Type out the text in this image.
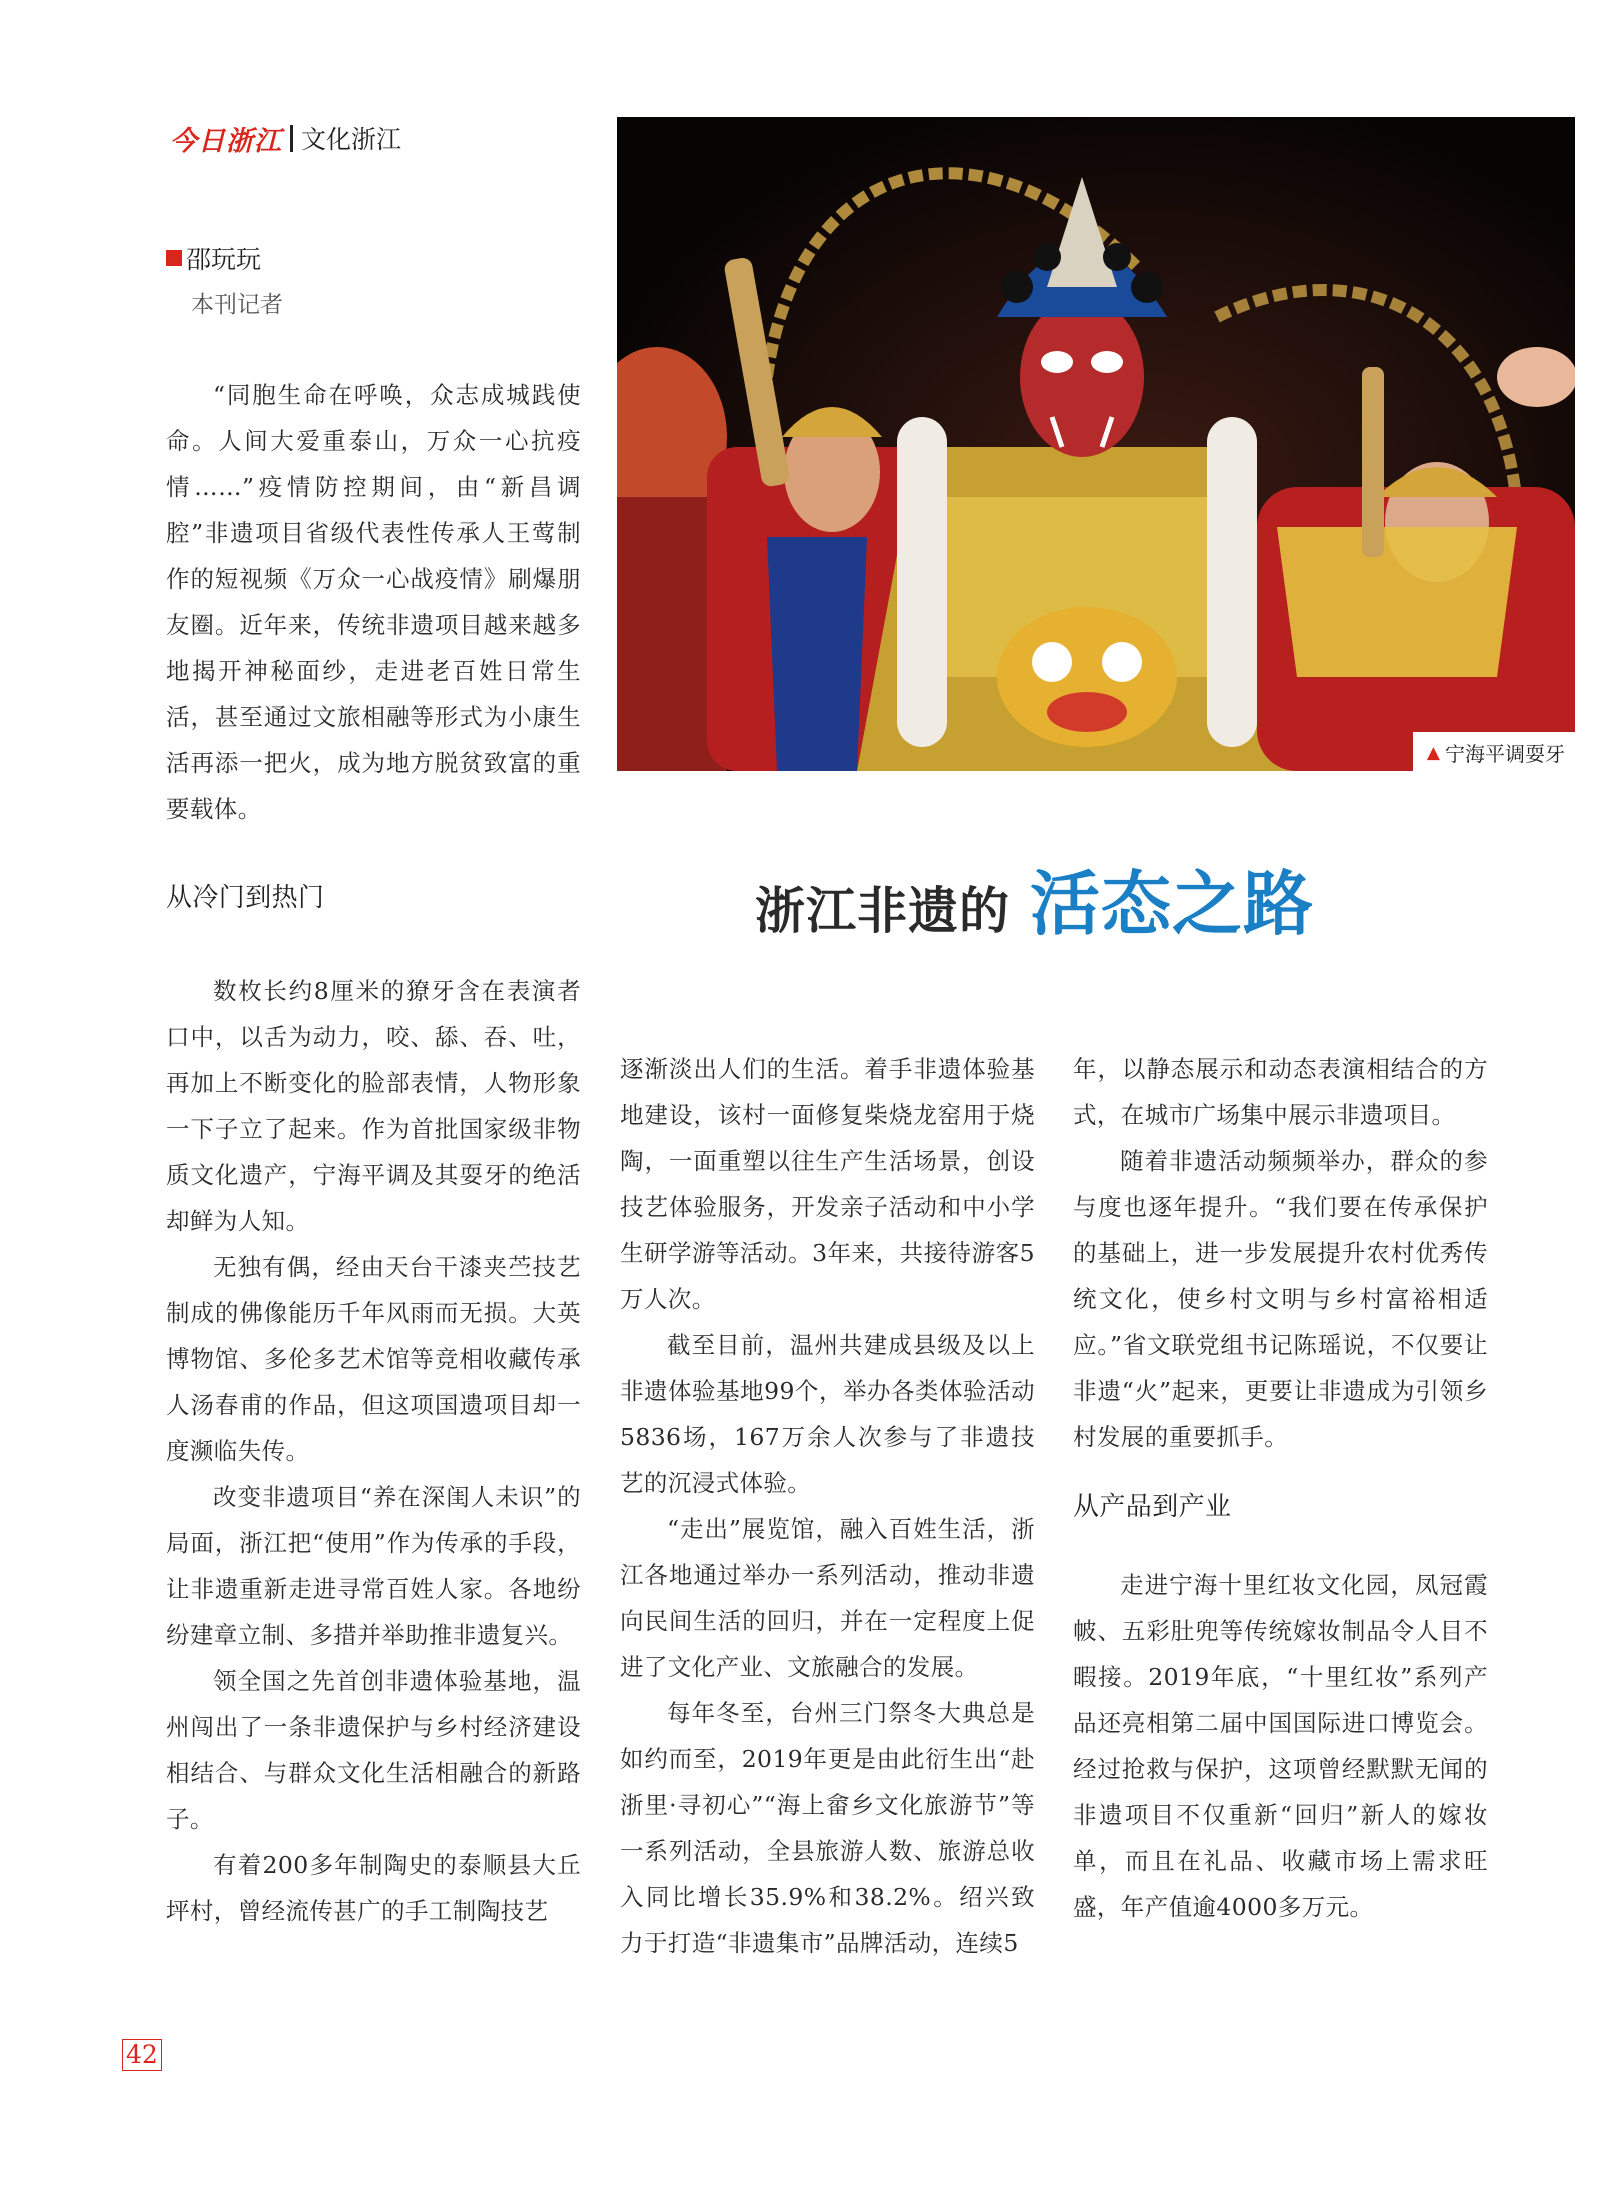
今日浙江 文化浙江
邵玩玩
本刊记者
▲ 宁海平调耍牙
浙江非遗的 活态之路

“同胞生命在呼唤，众志成城践使命。人间大爱重泰山，万众一心抗疫情……”疫情防控期间，由“新昌调腔”非遗项目省级代表性传承人王莺制作的短视频《万众一心战疫情》刷爆朋友圈。近年来，传统非遗项目越来越多地揭开神秘面纱，走进老百姓日常生活，甚至通过文旅相融等形式为小康生活再添一把火，成为地方脱贫致富的重要载体。

从冷门到热门

数枚长约8厘米的獠牙含在表演者口中，以舌为动力，咬、舔、吞、吐，再加上不断变化的脸部表情，人物形象一下子立了起来。作为首批国家级非物质文化遗产，宁海平调及其耍牙的绝活却鲜为人知。

无独有偶，经由天台干漆夹苎技艺制成的佛像能历千年风雨而无损。大英博物馆、多伦多艺术馆等竞相收藏传承人汤春甫的作品，但这项国遗项目却一度濒临失传。

改变非遗项目“养在深闺人未识”的局面，浙江把“使用”作为传承的手段，让非遗重新走进寻常百姓人家。各地纷纷建章立制、多措并举助推非遗复兴。

领全国之先首创非遗体验基地，温州闯出了一条非遗保护与乡村经济建设相结合、与群众文化生活相融合的新路子。

有着200多年制陶史的泰顺县大丘坪村，曾经流传甚广的手工制陶技艺

逐渐淡出人们的生活。着手非遗体验基地建设，该村一面修复柴烧龙窑用于烧陶，一面重塑以往生产生活场景，创设技艺体验服务，开发亲子活动和中小学生研学游等活动。3年来，共接待游客5万人次。

截至目前，温州共建成县级及以上非遗体验基地99个，举办各类体验活动5836场，167万余人次参与了非遗技艺的沉浸式体验。

“走出”展览馆，融入百姓生活，浙江各地通过举办一系列活动，推动非遗向民间生活的回归，并在一定程度上促进了文化产业、文旅融合的发展。

每年冬至，台州三门祭冬大典总是如约而至，2019年更是由此衍生出“赴浙里·寻初心”“海上畲乡文化旅游节”等一系列活动，全县旅游人数、旅游总收入同比增长35.9%和38.2%。绍兴致力于打造“非遗集市”品牌活动，连续5

年，以静态展示和动态表演相结合的方式，在城市广场集中展示非遗项目。

随着非遗活动频频举办，群众的参与度也逐年提升。“我们要在传承保护的基础上，进一步发展提升农村优秀传统文化，使乡村文明与乡村富裕相适应。”省文联党组书记陈瑶说，不仅要让非遗“火”起来，更要让非遗成为引领乡村发展的重要抓手。

从产品到产业

走进宁海十里红妆文化园，凤冠霞帔、五彩肚兜等传统嫁妆制品令人目不暇接。2019年底，“十里红妆”系列产品还亮相第二届中国国际进口博览会。经过抢救与保护，这项曾经默默无闻的非遗项目不仅重新“回归”新人的嫁妆单，而且在礼品、收藏市场上需求旺盛，年产值逾4000多万元。

42
